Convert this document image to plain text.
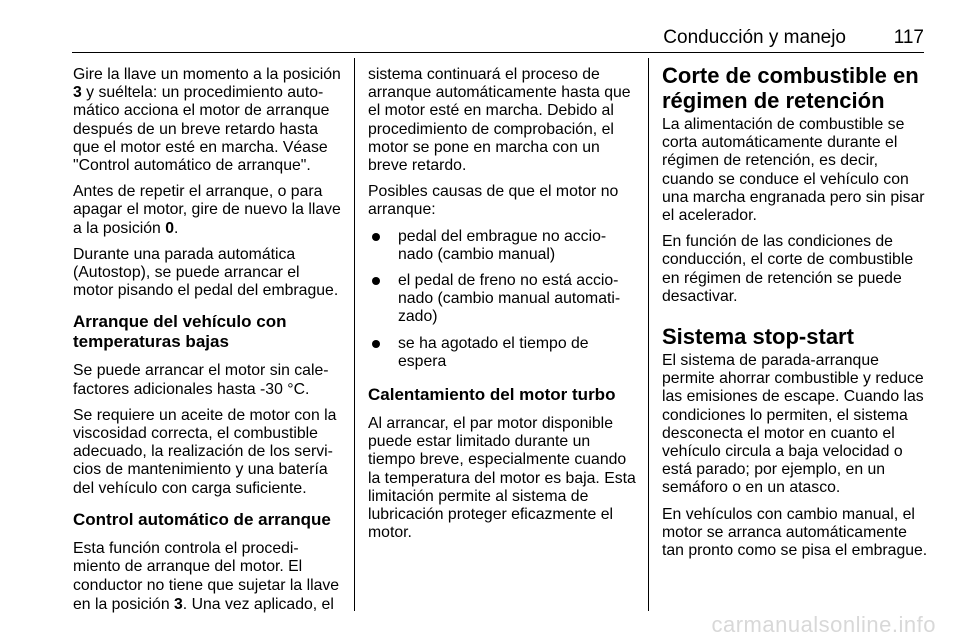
Conducción y manejo	117

Gire la llave un momento a la posición 3 y suéltela: un procedimiento auto-mático acciona el motor de arranque después de un breve retardo hasta que el motor esté en marcha. Véase "Control automático de arranque".

Antes de repetir el arranque, o para apagar el motor, gire de nuevo la llave a la posición 0.

Durante una parada automática (Autostop), se puede arrancar el motor pisando el pedal del embrague.

Arranque del vehículo con temperaturas bajas

Se puede arrancar el motor sin cale-factores adicionales hasta -30 °C.

Se requiere un aceite de motor con la viscosidad correcta, el combustible adecuado, la realización de los servi-cios de mantenimiento y una batería del vehículo con carga suficiente.

Control automático de arranque

Esta función controla el procedi-miento de arranque del motor. El conductor no tiene que sujetar la llave en la posición 3. Una vez aplicado, el

sistema continuará el proceso de arranque automáticamente hasta que el motor esté en marcha. Debido al procedimiento de comprobación, el motor se pone en marcha con un breve retardo.

Posibles causas de que el motor no arranque:

pedal del embrague no accio-nado (cambio manual)
el pedal de freno no está accio-nado (cambio manual automati-zado)
se ha agotado el tiempo de espera
Calentamiento del motor turbo

Al arrancar, el par motor disponible puede estar limitado durante un tiempo breve, especialmente cuando la temperatura del motor es baja. Esta limitación permite al sistema de lubricación proteger eficazmente el motor.

Corte de combustible en régimen de retención

La alimentación de combustible se corta automáticamente durante el régimen de retención, es decir, cuando se conduce el vehículo con una marcha engranada pero sin pisar el acelerador.

En función de las condiciones de conducción, el corte de combustible en régimen de retención se puede desactivar.

Sistema stop-start

El sistema de parada-arranque permite ahorrar combustible y reduce las emisiones de escape. Cuando las condiciones lo permiten, el sistema desconecta el motor en cuanto el vehículo circula a baja velocidad o está parado; por ejemplo, en un semáforo o en un atasco.

En vehículos con cambio manual, el motor se arranca automáticamente tan pronto como se pisa el embrague.

carmanualsonline.info
